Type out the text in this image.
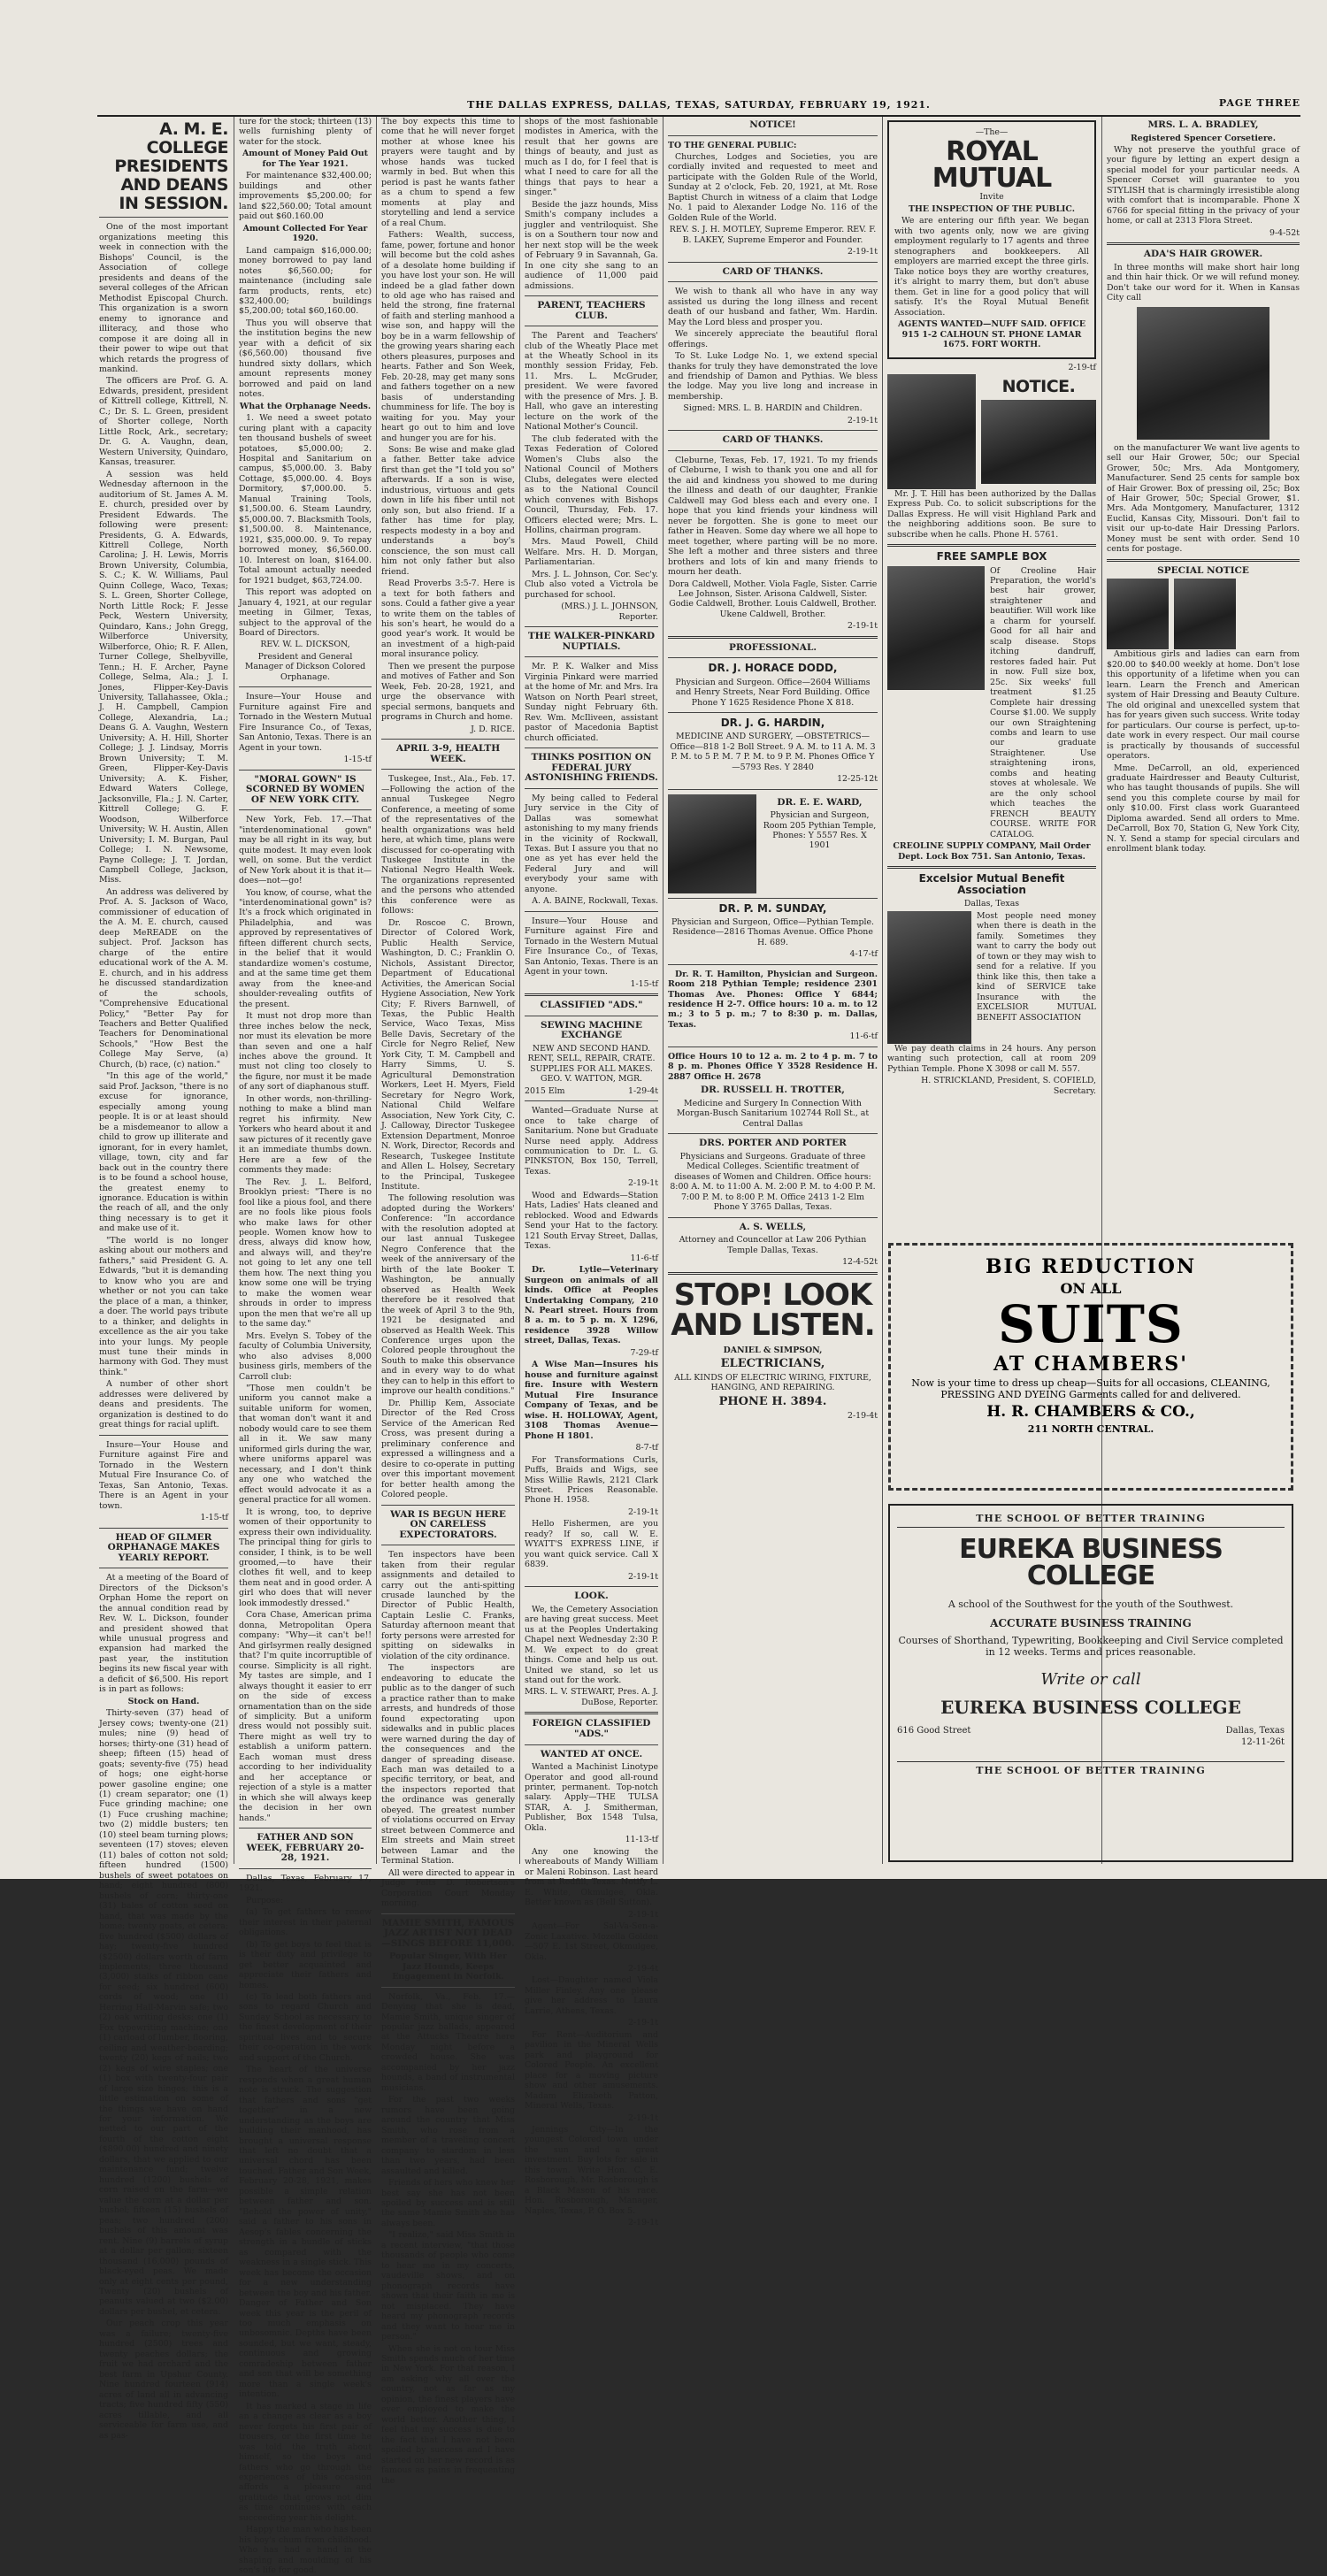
THE DALLAS EXPRESS, DALLAS, TEXAS, SATURDAY, FEBRUARY 19, 1921.	PAGE THREE
A. M. E. COLLEGE PRESIDENTS AND DEANS IN SESSION.

One of the most important organizations meeting this week in connection with the Bishops' Council, is the Association of college presidents and deans of the several colleges of the African Methodist Episcopal Church. This organization is a sworn enemy to ignorance and illiteracy, and those who compose it are doing all in their power to wipe out that which retards the progress of mankind.

The officers are Prof. G. A. Edwards, president, president of Kittrell college, Kittrell, N. C.; Dr. S. L. Green, president of Shorter college, North Little Rock, Ark., secretary; Dr. G. A. Vaughn, dean, Western University, Quindaro, Kansas, treasurer.

A session was held Wednesday afternoon in the auditorium of St. James A. M. E. church, presided over by President Edwards. The following were present: Presidents, G. A. Edwards, Kittrell College, North Carolina; J. H. Lewis, Morris Brown University, Columbia, S. C.; K. W. Williams, Paul Quinn College, Waco, Texas; S. L. Green, Shorter College, North Little Rock; F. Jesse Peck, Western University, Quindaro, Kans.; John Gregg, Wilberforce University, Wilberforce, Ohio; R. F. Allen, Turner College, Shelbyville, Tenn.; H. F. Archer, Payne College, Selma, Ala.; J. I. Jones, Flipper-Key-Davis University, Tallahassee, Okla.; J. H. Campbell, Campion College, Alexandria, La.; Deans G. A. Vaughn, Western University; A. H. Hill, Shorter College; J. J. Lindsay, Morris Brown University; T. M. Green, Flipper-Key-Davis University; A. K. Fisher, Edward Waters College, Jacksonville, Fla.; J. N. Carter, Kittrell College; G. F. Woodson, Wilberforce University; W. H. Austin, Allen University; I. M. Burgan, Paul College; I. N. Newsome, Payne College; J. T. Jordan, Campbell College, Jackson, Miss.

An address was delivered by Prof. A. S. Jackson of Waco, commissioner of education of the A. M. E. church, caused deep MeREADE on the subject. Prof. Jackson has charge of the entire educational work of the A. M. E. church, and in his address he discussed standardization of the schools, "Comprehensive Educational Policy," "Better Pay for Teachers and Better Qualified Teachers for Denominational Schools," "How Best the College May Serve, (a) Church, (b) race, (c) nation."

"In this age of the world," said Prof. Jackson, "there is no excuse for ignorance, especially among young people. It is or at least should be a misdemeanor to allow a child to grow up illiterate and ignorant, for in every hamlet, village, town, city and far back out in the country there is to be found a school house, the greatest enemy to ignorance. Education is within the reach of all, and the only thing necessary is to get it and make use of it.

"The world is no longer asking about our mothers and fathers," said President G. A. Edwards, "but it is demanding to know who you are and whether or not you can take the place of a man, a thinker, a doer. The world pays tribute to a thinker, and delights in excellence as the air you take into your lungs. My people must tune their minds in harmony with God. They must think."

A number of other short addresses were delivered by deans and presidents. The organization is destined to do great things for racial uplift.

Insure—Your House and Furniture against Fire and Tornado in the Western Mutual Fire Insurance Co. of Texas, San Antonio, Texas. There is an Agent in your town.

1-15-tf

HEAD OF GILMER ORPHANAGE MAKES YEARLY REPORT.

At a meeting of the Board of Directors of the Dickson's Orphan Home the report on the annual condition read by Rev. W. L. Dickson, founder and president showed that while unusual progress and expansion had marked the past year, the institution begins its new fiscal year with a deficit of $6,500. His report is in part as follows:

Stock on Hand.

Thirty-seven (37) head of Jersey cows; twenty-one (21) mules; nine (9) head of horses; thirty-one (31) head of sheep; fifteen (15) head of goats; seventy-five (75) head of hogs; one eight-horse power gasoline engine; one (1) cream separator; one (1) Fuce grinding machine; one (1) Fuce crushing machine; two (2) middle busters; ten (10) steel beam turning plows; seventeen (17) stoves; eleven (11) bales of cotton not sold; fifteen hundred (1500) bushels of sweet potatoes on hand; eight hundred (800) bushels of corn; thirty-one (31) bales of cotton seed on hand, that was made by the home; twenty goats, et cetera; five hundred ($500) dollars of hay; twenty-five hundred ($2500) dollars worth of farm implements; three thousand (3,000) stalks of ribbon cane for seed; six hundred (600) cords of wood; one (1) Herring Hall-Marvin safe; two (2) oak writing desks; one (1) Fox typewriting machine; one (1) carload of lumber, flooring, ceiling and weather-boarding; twenty (20) kegs of nails; two (2) kegs of wire staples; one (1) box with twenty-four pair of large size hinges; this is a little estimation on some of the things we have on hand for your information. We netted to our part of the fourth of the cotton eight ($890.00) hundred and ninety dollars, that we applied to our maintenance fund; twelve hundred (1200) bushels of corn raised on the farm—we value the corn at a dollar per bushel; fifteen (15) bushels of peas; two hundred (200) bushels of this amount was rent. Nine (9) barrels of syrup at a dollar per gallon; sixteen thousand (16,000) pounds of black-eyed peas. We made only at eight cents per pound, Twenty (20) bushels of peanuts valued at two ($2.00) dollars per bushel, et cetera.

Our peach crop this year was a failure; twenty-five hundred (2500) trees and twenty peaches dollars; the fruit we had orchard and the best farm in Upshur County. Nine hundred fourteen (914) acres of land all in advancing tracts; five hundred fifty (550) acres tillable, and all serviceable for farm use, and as pas-

ture for the stock; thirteen (13) wells furnishing plenty of water for the stock.

Amount of Money Paid Out for The Year 1921.

For maintenance $32,400.00; buildings and other improvements $5,200.00; for land $22,560.00; Total amount paid out $60.160.00

Amount Collected For Year 1920.

Land campaign $16,000.00; money borrowed to pay land notes $6,560.00; for maintenance (including sale farm products, rents, etc) $32,400.00; buildings $5,200.00; total $60,160.00.

Thus you will observe that the institution begins the new year with a deficit of six ($6,560.00) thousand five hundred sixty dollars, which amount represents money borrowed and paid on land notes.

What the Orphanage Needs.

1. We need a sweet potato curing plant with a capacity ten thousand bushels of sweet potatoes, $5,000.00; 2. Hospital and Sanitarium on campus, $5,000.00. 3. Baby Cottage, $5,000.00. 4. Boys Dormitory, $7,000.00. 5. Manual Training Tools, $1,500.00. 6. Steam Laundry, $5,000.00. 7. Blacksmith Tools, $1,500.00. 8. Maintenance, 1921, $35,000.00. 9. To repay borrowed money, $6,560.00. 10. Interest on loan, $164.00. Total amount actually needed for 1921 budget, $63,724.00.

This report was adopted on January 4, 1921, at our regular meeting in Gilmer, Texas, subject to the approval of the Board of Directors.

REV. W. L. DICKSON,

President and General Manager of Dickson Colored Orphanage.

Insure—Your House and Furniture against Fire and Tornado in the Western Mutual Fire Insurance Co., of Texas, San Antonio, Texas. There is an Agent in your town.

1-15-tf

"MORAL GOWN" IS SCORNED BY WOMEN OF NEW YORK CITY.

New York, Feb. 17.—That "interdenominational gown" may be all right in its way, but quite modest. It may even look well, on some. But the verdict of New York about it is that it—does—not—go!

You know, of course, what the "interdenominational gown" is? It's a frock which originated in Philadelphia, and was approved by representatives of fifteen different church sects, in the belief that it would standardize women's costume, and at the same time get them away from the knee-and shoulder-revealing outfits of the present.

It must not drop more than three inches below the neck, nor must its elevation be more than seven and one a half inches above the ground. It must not cling too closely to the figure, nor must it be made of any sort of diaphanous stuff.

In other words, non-thrilling-nothing to make a blind man regret his infirmity. New Yorkers who heard about it and saw pictures of it recently gave it an immediate thumbs down. Here are a few of the comments they made:

The Rev. J. L. Belford, Brooklyn priest: "There is no fool like a pious fool, and there are no fools like pious fools who make laws for other people. Women know how to dress, always did know how, and always will, and they're not going to let any one tell them how. The next thing you know some one will be trying to make the women wear shrouds in order to impress upon the men that we're all up to the same day."

Mrs. Evelyn S. Tobey of the faculty of Columbia University, who also advises 8,000 business girls, members of the Carroll club:

"Those men couldn't be uniform you cannot make a suitable uniform for women, that woman don't want it and nobody would care to see them all in it. We saw many uniformed girls during the war, where uniforms apparel was necessary, and I don't think any one who watched the effect would advocate it as a general practice for all women.

It is wrong, too, to deprive women of their opportunity to express their own individuality. The principal thing for girls to consider, I think, is to be well groomed,—to have their clothes fit well, and to keep them neat and in good order. A girl who does that will never look immodestly dressed."

Cora Chase, American prima donna, Metropolitan Opera company: "Why—it can't be!! And girlsyrmen really designed that? I'm quite incorruptible of course. Simplicity is all right. My tastes are simple, and I always thought it easier to err on the side of excess ornamentation than on the side of simplicity. But a uniform dress would not possibly suit. There might as well try to establish a uniform pattern. Each woman must dress according to her individuality and her acceptance or rejection of a style is a matter in which she will always keep the decision in her own hands."

FATHER AND SON WEEK, FEBRUARY 20-28, 1921.

Dallas, Texas, February 17, 1921.

Purpose:

(a) To get fathers to renew their interest in their paternal obligations.

(b) To get boys to feel that is is their duty and privilege to get better acquainted and appreciate their fathers and homes.

(c) To lead both fathers and sons to regard Church and Sunday School as necessary to the finest development of their spiritual lives and to secure their co-operation in the work and support of the Church.

The heart of the universe responds when a great human note is struck. The suggestion that fathers and sons "get together" in a new understanding as the boys are building their manhood, has brought a universal response that left no doubt that a universal chord has been touched. Father and Son Week, February 20-28, 1921, makes possible a simple relation between father and son. "Behold the power of unity," said a father to his sons in Aesop's fables concerning the strength in a bundle of sticks as compared with the weakness in a single stick. This week has become the occasion for a new understanding between the boy and his father. Danger of Father and Son week this year is the peril of too much emphasis on unbosomnic. Depths have been sounded, but we want, steady, continuous and growing comradeship between father and son that will be something more than a single week's intention.

It has marked a stage in life an a change as clear as a boy never forgets his first pair of trousers, or the first time he was told the truth about himself, so the boys and fathers who go through the experiences of this occasion affords a pleasure and gratitude that grows not dim as time continues with each succeeding year his delight.

Happy the man who has been his boy's chum from childhood. Who has had a hand in the shaping and moulding of his son's life for good.

The boy expects this time to come that he will never forget mother at whose knee his prayers were taught and by whose hands was tucked warmly in bed. But when this period is past he wants father as a chum to spend a few moments at play and storytelling and lend a service of a real Chum.

Fathers: Wealth, success, fame, power, fortune and honor will become but the cold ashes of a desolate home building if you have lost your son. He will indeed be a glad father down to old age who has raised and held the strong, fine fraternal of faith and sterling manhood a wise son, and happy will the boy be in a warm fellowship of the growing years sharing each others pleasures, purposes and hearts. Father and Son Week, Feb. 20-28, may get many sons and fathers together on a new basis of understanding chumminess for life. The boy is waiting for you. May your heart go out to him and love and hunger you are for his.

Sons: Be wise and make glad a father. Better take advice first than get the "I told you so" afterwards. If a son is wise, industrious, virtuous and gets down in life his fiber until not only son, but also friend. If a father has time for play, respects modesty in a boy and understands a boy's conscience, the son must call him not only father but also friend.

Read Proverbs 3:5-7. Here is a text for both fathers and sons. Could a father give a year to write them on the tables of his son's heart, he would do a good year's work. It would be an investment of a high-paid moral insurance policy.

Then we present the purpose and motives of Father and Son Week, Feb. 20-28, 1921, and urge the observance with special sermons, banquets and programs in Church and home.

J. D. RICE.

APRIL 3-9, HEALTH WEEK.

Tuskegee, Inst., Ala., Feb. 17.—Following the action of the annual Tuskegee Negro Conference, a meeting of some of the representatives of the health organizations was held here, at which time, plans were discussed for co-operating with Tuskegee Institute in the National Negro Health Week. The organizations represented and the persons who attended this conference were as follows:

Dr. Roscoe C. Brown, Director of Colored Work, Public Health Service, Washington, D. C.; Franklin O. Nichols, Assistant Director, Department of Educational Activities, the American Social Hygiene Association, New York City; F. Rivers Barnwell, of Texas, the Public Health Service, Waco Texas, Miss Belle Davis, Secretary of the Circle for Negro Relief, New York City, T. M. Campbell and Harry Simms, U. S. Agricultural Demonstration Workers, Leet H. Myers, Field Secretary for Negro Work, National Child Welfare Association, New York City, C. J. Calloway, Director Tuskegee Extension Department, Monroe N. Work, Director, Records and Research, Tuskegee Institute and Allen L. Holsey, Secretary to the Principal, Tuskegee Institute.

The following resolution was adopted during the Workers' Conference: "In accordance with the resolution adopted at our last annual Tuskegee Negro Conference that the week of the anniversary of the birth of the late Booker T. Washington, be annually observed as Health Week therefore be it resolved that the week of April 3 to the 9th, 1921 be designated and observed as Health Week. This Conference urges upon the Colored people throughout the South to make this observance and in every way to do what they can to help in this effort to improve our health conditions."

Dr. Phillip Kem, Associate Director of the Red Cross Service of the American Red Cross, was present during a preliminary conference and expressed a willingness and a desire to co-operate in putting over this important movement for better health among the Colored people.

WAR IS BEGUN HERE ON CARELESS EXPECTORATORS.

Ten inspectors have been taken from their regular assignments and detailed to carry out the anti-spitting crusade launched by the Director of Public Health, Captain Leslie C. Franks, Saturday afternoon meant that forty persons were arrested for spitting on sidewalks in violation of the city ordinance.

The inspectors are endeavoring to educate the public as to the danger of such a practice rather than to make arrests, and hundreds of those found expectorating upon sidewalks and in public places were warned during the day of the consequences and the danger of spreading disease. Each man was detailed to a specific territory, or beat, and the inspectors reported that the ordinance was generally obeyed. The greatest number of violations occurred on Ervay street between Commerce and Elm streets and Main street between Lamar and the Terminal Station.

All were directed to appear in Judge Felts D. Robertson's Corporation Court Monday morning.

MAMIE SMITH, FAMOUS JAZZ ARTIST NOT DEAD—SINGS BEFORE 11,000.

Popular Singer, With Her Jazz Hounds, Keeps Engagement in Norfolk.

Norfolk, Va., Feb. 17.—Denying that she is dead, Mamie Smith, unique singer of popular jazz ballads, appeared at the Attucks Theatre here Monday night before a crowded house. She was accompanied by her jazz hounds, a band of instrumental musicians.

For the past two weeks rumors have been going around the country that Miss Smith, who rose from a member of a traveling concert company to stardom in less than two years, had been assaulted and killed.

Friends of hers who knew her best say she has not been spoiled by success and is still the same Mamie Smith she has always been.

"I realize," said Miss Smith in a recent interview, "that those thousands of people who come to hear me in my concerts, vaudeville shows, and on phonograph records have shown that their faith in me is not misplaced. They have heard my phonograph records and they want to hear me in person."

When she is not on tour Miss Smith spends much of her time in New York. For that reason, I am asking why all over the country, not as far as my opinion, the finest players have ever employed to make the world better. Another thing, I feel that my success is due to the fact that I have not been spoiled by success and I have started on her new record is as famous as pains in frequenting the

shops of the most fashionable modistes in America, with the result that her gowns are things of beauty, and just as much as I do, for I feel that is what I need to care for all the things that pays to hear a singer."

Beside the jazz hounds, Miss Smith's company includes a juggler and ventriloquist. She is on a Southern tour now and her next stop will be the week of February 9 in Savannah, Ga. In one city she sang to an audience of 11,000 paid admissions.

PARENT, TEACHERS CLUB.

The Parent and Teachers' club of the Wheatly Place met at the Wheatly School in its monthly session Friday, Feb. 11. Mrs. L. McGruder, president. We were favored with the presence of Mrs. J. B. Hall, who gave an interesting lecture on the work of the National Mother's Council.

The club federated with the Texas Federation of Colored Women's Clubs also the National Council of Mothers Clubs, delegates were elected as to the National Council which convenes with Bishops Council, Thursday, Feb. 17. Officers elected were; Mrs. L. Hollins, chairman program.

Mrs. Maud Powell, Child Welfare. Mrs. H. D. Morgan, Parliamentarian.

Mrs. J. L. Johnson, Cor. Sec'y. Club also voted a Victrola be purchased for school.

(MRS.) J. L. JOHNSON, Reporter.

THE WALKER-PINKARD NUPTIALS.

Mr. P. K. Walker and Miss Virginia Pinkard were married at the home of Mr. and Mrs. Ira Watson on North Pearl street, Sunday night February 6th. Rev. Wm. McIliveen, assistant pastor of Macedonia Baptist church officiated.

THINKS POSITION ON FEDERAL JURY ASTONISHING FRIENDS.

My being called to Federal Jury service in the City of Dallas was somewhat astonishing to my many friends in the vicinity of Rockwall, Texas. But I assure you that no one as yet has ever held the Federal Jury and will everybody your same with anyone.

A. A. BAINE, Rockwall, Texas.

Insure—Your House and Furniture against Fire and Tornado in the Western Mutual Fire Insurance Co., of Texas, San Antonio, Texas. There is an Agent in your town.

1-15-tf

CLASSIFIED "ADS."
SEWING MACHINE EXCHANGE

NEW AND SECOND HAND. RENT, SELL, REPAIR, CRATE. SUPPLIES FOR ALL MAKES. GEO. V. WATTON, MGR.

2015 Elm	1-29-4t

Wanted—Graduate Nurse at once to take charge of Sanitarium. None but Graduate Nurse need apply. Address communication to Dr. L. G. PINKSTON, Box 150, Terrell, Texas.

2-19-1t

Wood and Edwards—Station Hats, Ladies' Hats cleaned and reblocked. Wood and Edwards Send your Hat to the factory. 121 South Ervay Street, Dallas, Texas.

11-6-tf

Dr. Lytle—Veterinary Surgeon on animals of all kinds. Office at Peoples Undertaking Company, 210 N. Pearl street. Hours from 8 a. m. to 5 p. m. X 1296, residence 3928 Willow street, Dallas, Texas.

7-29-tf

A Wise Man—Insures his house and furniture against fire. Insure with Western Mutual Fire Insurance Company of Texas, and be wise. H. HOLLOWAY, Agent, 3108 Thomas Avenue—Phone H 1801.

8-7-tf

For Transformations Curls, Puffs, Braids and Wigs, see Miss Willie Rawls, 2121 Clark Street. Prices Reasonable. Phone H. 1958.

2-19-1t

Hello Fishermen, are you ready? If so, call W. E. WYATT'S EXPRESS LINE, if you want quick service. Call X 6839.

2-19-1t

LOOK.

We, the Cemetery Association are having great success. Meet us at the Peoples Undertaking Chapel next Wednesday 2:30 P. M. We expect to do great things. Come and help us out. United we stand, so let us stand out for the work.

MRS. L. V. STEWART, Pres. A. J. DuBose, Reporter.

FOREIGN CLASSIFIED "ADS."
WANTED AT ONCE.

Wanted a Machinist Linotype Operator and good all-round printer, permanent. Top-notch salary. Apply—THE TULSA STAR, A. J. Smitherman, Publisher, Box 1548 Tulsa, Okla.

11-13-tf

Any one knowing the whereabouts of Mandy William or Maleni Robinson. Last heard from at Redfill, Texas. Notify L. E. White, Okmulgee, Okla. Better known as (Bell Sutton).

2-19-1t

Agent—For Sal-Va-Sen-a-Zonic Laxative. Mozella Golden—507 E. 1st Street, Okmulgee, Okla.

2-19-4t

Lost—Daughter named Viola Miller Finley. Any one please give her address to Laura Larrie, Athens, Texas.

2-19-1t

For Rent—Auditorium and pavilion in the Mineral Wells park and playground for Colored People. An excellent place for a moving picture show and other amusements. Madam Elizabeth Patton, Mineral Wells, Texas.

2-19-1t

Jennings City—In the youngest Colored town under the sun and a great investment. Buy lots for sale in this town. Write Hon. C. E. Rosborough, Mr. Rosborough is a Black Mason of his race. Hon. Rosborough, Manager, Naples, Texas, P. O. Box 5.

2-19-1t

NOTICE!

TO THE GENERAL PUBLIC:

Churches, Lodges and Societies, you are cordially invited and requested to meet and participate with the Golden Rule of the World, Sunday at 2 o'clock, Feb. 20, 1921, at Mt. Rose Baptist Church in witness of a claim that Lodge No. 1 paid to Alexander Lodge No. 116 of the Golden Rule of the World.

REV. S. J. H. MOTLEY, Supreme Emperor. REV. F. B. LAKEY, Supreme Emperor and Founder.

2-19-1t

CARD OF THANKS.

We wish to thank all who have in any way assisted us during the long illness and recent death of our husband and father, Wm. Hardin. May the Lord bless and prosper you.

We sincerely appreciate the beautiful floral offerings.

To St. Luke Lodge No. 1, we extend special thanks for truly they have demonstrated the love and friendship of Damon and Pythias. We bless the lodge. May you live long and increase in membership.

Signed: MRS. L. B. HARDIN and Children.

2-19-1t

CARD OF THANKS.

Cleburne, Texas, Feb. 17, 1921. To my friends of Cleburne, I wish to thank you one and all for the aid and kindness you showed to me during the illness and death of our daughter, Frankie Caldwell may God bless each and every one. I hope that you kind friends your kindness will never be forgotten. She is gone to meet our father in Heaven. Some day where we all hope to meet together, where parting will be no more. She left a mother and three sisters and three brothers and lots of kin and many friends to mourn her death.

Dora Caldwell, Mother. Viola Fagle, Sister. Carrie Lee Johnson, Sister. Arisona Caldwell, Sister. Godie Caldwell, Brother. Louis Caldwell, Brother. Ukene Caldwell, Brother.

2-19-1t

PROFESSIONAL.
DR. J. HORACE DODD,

Physician and Surgeon. Office—2604 Williams and Henry Streets, Near Ford Building. Office Phone Y 1625 Residence Phone X 818.

DR. J. G. HARDIN,

MEDICINE AND SURGERY, —OBSTETRICS— Office—818 1-2 Boll Street. 9 A. M. to 11 A. M. 3 P. M. to 5 P. M. 7 P. M. to 9 P. M. Phones Office Y—5793 Res. Y 2840

12-25-12t

DR. E. E. WARD,

Physician and Surgeon, Room 205 Pythian Temple, Phones: Y 5557 Res. X 1901

DR. P. M. SUNDAY,

Physician and Surgeon, Office—Pythian Temple. Residence—2816 Thomas Avenue. Office Phone H. 689.

4-17-tf

Dr. R. T. Hamilton, Physician and Surgeon. Room 218 Pythian Temple; residence 2301 Thomas Ave. Phones: Office Y 6844; residence H 2-7. Office hours: 10 a. m. to 12 m.; 3 to 5 p. m.; 7 to 8:30 p. m. Dallas, Texas.

11-6-tf

Office Hours 10 to 12 a. m. 2 to 4 p. m. 7 to 8 p. m. Phones Office Y 3528 Residence H. 2887 Office H. 2678

DR. RUSSELL H. TROTTER,

Medicine and Surgery In Connection With Morgan-Busch Sanitarium 102744 Roll St., at Central Dallas

DRS. PORTER AND PORTER

Physicians and Surgeons. Graduate of three Medical Colleges. Scientific treatment of diseases of Women and Children. Office hours: 8:00 A. M. to 11:00 A. M. 2:00 P. M. to 4:00 P. M. 7:00 P. M. to 8:00 P. M. Office 2413 1-2 Elm Phone Y 3765 Dallas, Texas.

A. S. WELLS,

Attorney and Councellor at Law 206 Pythian Temple Dallas, Texas.

12-4-52t

STOP! LOOK AND LISTEN.

DANIEL & SIMPSON,

ELECTRICIANS,

ALL KINDS OF ELECTRIC WIRING, FIXTURE, HANGING, AND REPAIRING.

PHONE H. 3894.

2-19-4t

—The—

ROYAL MUTUAL

Invite

THE INSPECTION OF THE PUBLIC.

We are entering our fifth year. We began with two agents only, now we are giving employment regularly to 17 agents and three stenographers and bookkeepers. All employers are married except the three girls. Take notice boys they are worthy creatures, it's alright to marry them, but don't abuse them. Get in line for a good policy that will satisfy. It's the Royal Mutual Benefit Association.

AGENTS WANTED—NUFF SAID. OFFICE 915 1-2 CALHOUN ST. PHONE LAMAR 1675. FORT WORTH.

2-19-tf

NOTICE.

Mr. J. T. Hill has been authorized by the Dallas Express Pub. Co. to solicit subscriptions for the Dallas Express. He will visit Highland Park and the neighboring additions soon. Be sure to subscribe when he calls. Phone H. 5761.

FREE SAMPLE BOX

Of Creoline Hair Preparation, the world's best hair grower, straightener and beautifier. Will work like a charm for yourself. Good for all hair and scalp disease. Stops itching dandruff, restores faded hair. Put in now. Full size box, 25c. Six weeks' full treatment $1.25 Complete hair dressing Course $1.00. We supply our own Straightening combs and learn to use our graduate Straightener. Use straightening irons, combs and heating stoves at wholesale. We are the only school which teaches the FRENCH BEAUTY COURSE. WRITE FOR CATALOG.

CREOLINE SUPPLY COMPANY, Mail Order Dept. Lock Box 751. San Antonio, Texas.

Excelsior Mutual Benefit Association

Dallas, Texas

Most people need money when there is death in the family. Sometimes they want to carry the body out of town or they may wish to send for a relative. If you think like this, then take a kind of SERVICE take Insurance with the EXCELSIOR MUTUAL BENEFIT ASSOCIATION

We pay death claims in 24 hours. Any person wanting such protection, call at room 209 Pythian Temple. Phone X 3098 or call M. 557.

H. STRICKLAND, President, S. COFIELD, Secretary.

MRS. L. A. BRADLEY,

Registered Spencer Corsetiere.

Why not preserve the youthful grace of your figure by letting an expert design a special model for your particular needs. A Spencer Corset will guarantee to you STYLISH that is charmingly irresistible along with comfort that is incomparable. Phone X 6766 for special fitting in the privacy of your home, or call at 2313 Flora Street.

9-4-52t

ADA'S HAIR GROWER.

In three months will make short hair long and thin hair thick. Or we will refund money. Don't take our word for it. When in Kansas City call

on the manufacturer We want live agents to sell our Hair Grower, 50c; our Special Grower, 50c; Mrs. Ada Montgomery, Manufacturer. Send 25 cents for sample box of Hair Grower. Box of pressing oil, 25c; Box of Hair Grower, 50c; Special Grower, $1. Mrs. Ada Montgomery, Manufacturer, 1312 Euclid, Kansas City, Missouri. Don't fail to visit our up-to-date Hair Dressing Parlors. Money must be sent with order. Send 10 cents for postage.

SPECIAL NOTICE

Ambitious girls and ladies can earn from $20.00 to $40.00 weekly at home. Don't lose this opportunity of a lifetime when you can learn. Learn the French and American system of Hair Dressing and Beauty Culture. The old original and unexcelled system that has for years given such success. Write today for particulars. Our course is perfect, up-to-date work in every respect. Our mail course is practically by thousands of successful operators.

Mme. DeCarroll, an old, experienced graduate Hairdresser and Beauty Culturist, who has taught thousands of pupils. She will send you this complete course by mail for only $10.00. First class work Guaranteed Diploma awarded. Send all orders to Mme. DeCarroll, Box 70, Station G, New York City, N. Y. Send a stamp for special circulars and enrollment blank today.

BIG REDUCTION

ON ALL

SUITS
AT CHAMBERS'

Now is your time to dress up cheap—Suits for all occasions, CLEANING, PRESSING AND DYEING Garments called for and delivered.

H. R. CHAMBERS & CO.,

211 NORTH CENTRAL.

THE SCHOOL OF BETTER TRAINING

EUREKA BUSINESS COLLEGE

A school of the Southwest for the youth of the Southwest.

ACCURATE BUSINESS TRAINING

Courses of Shorthand, Typewriting, Bookkeeping and Civil Service completed in 12 weeks. Terms and prices reasonable.

Write or call

EUREKA BUSINESS COLLEGE

616 Good Street	Dallas, Texas

12-11-26t

THE SCHOOL OF BETTER TRAINING
